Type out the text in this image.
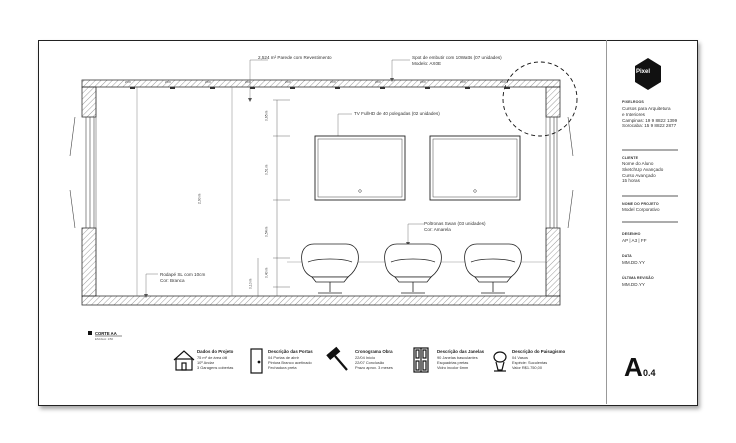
2,524 m² Parede com Revestimento	Spot de embutir com 10Watts (07 unidades)
Modelo: AX0E
TV FullHD de 40 polegadas (02 unidades)
Poltronas Swan (03 unidades)
Cor: Amarela
Rodapé SL com 10cm
Cor: Branca
ZXX	ZXX	ZXX	ZXX	ZXX	ZXX	ZXX	ZXX	ZXX	ZXX
0,65 m
0,51 m
0,54 m
0,40 m
0,10 m
2,90 m
CORTE AA
ESCALA: 1/50
Pixel
PIXELROOS
Cursos para Arquitetura
e Interiores
Campinas: 19 9 8822 1399
Sorocaba: 15 9 8822 2877
CLIENTE
Nome do Aluno
SketchUp Avançado
Curso Avançado
15 horas
NOME DO PROJETO
Model Corporativo
DESENHO
AP | A3 | FF
DATA
MM.DD.YY
ÚLTIMA REVISÃO
MM.DD.YY
A 0.4
Dados do Projeto
75 m² de área útil
10º Andar
3 Garagens cobertas
Descrição das Portas
04 Portas de abrir
Pintura Branco acetinado
Fechadura preta
Cronograma Obra
22/04 Início
22/07 Conclusão
Prazo aprox. 3 meses
Descrição das Janelas
90 Janelas basculantes
Esquadrias pretas
Vidro incolor 6mm
Descrição do Paisagismo
04 Vasos
Espécie: Suculentas
Valor R$1.750,00
